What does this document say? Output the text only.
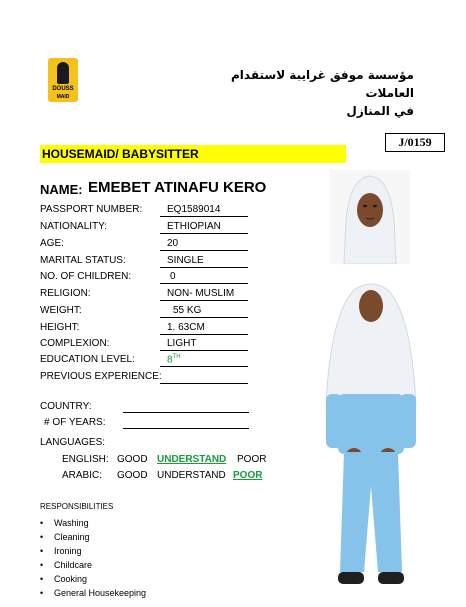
DOUSS
MAID
مؤسسة موفق غرايبة لاستقدام العاملات
في المنازل
J/0159
HOUSEMAID/ BABYSITTER
NAME: EMEBET ATINAFU KERO
PASSPORT NUMBER: EQ1589014
NATIONALITY:	ETHIOPIAN
AGE:	20
MARITAL STATUS:	SINGLE
NO. OF CHILDREN:	0
RELIGION:	NON- MUSLIM
WEIGHT:	55 KG
HEIGHT:	1. 63CM
COMPLEXION:	LIGHT
EDUCATION LEVEL:	8TH
PREVIOUS EXPERIENCE:
COUNTRY:
# OF YEARS:
LANGUAGES:
ENGLISH: GOOD UNDERSTAND POOR
ARABIC: GOOD UNDERSTAND POOR
RESPONSIBILITIES
• Washing
• Cleaning
• Ironing
• Childcare
• Cooking
• General Housekeeping
